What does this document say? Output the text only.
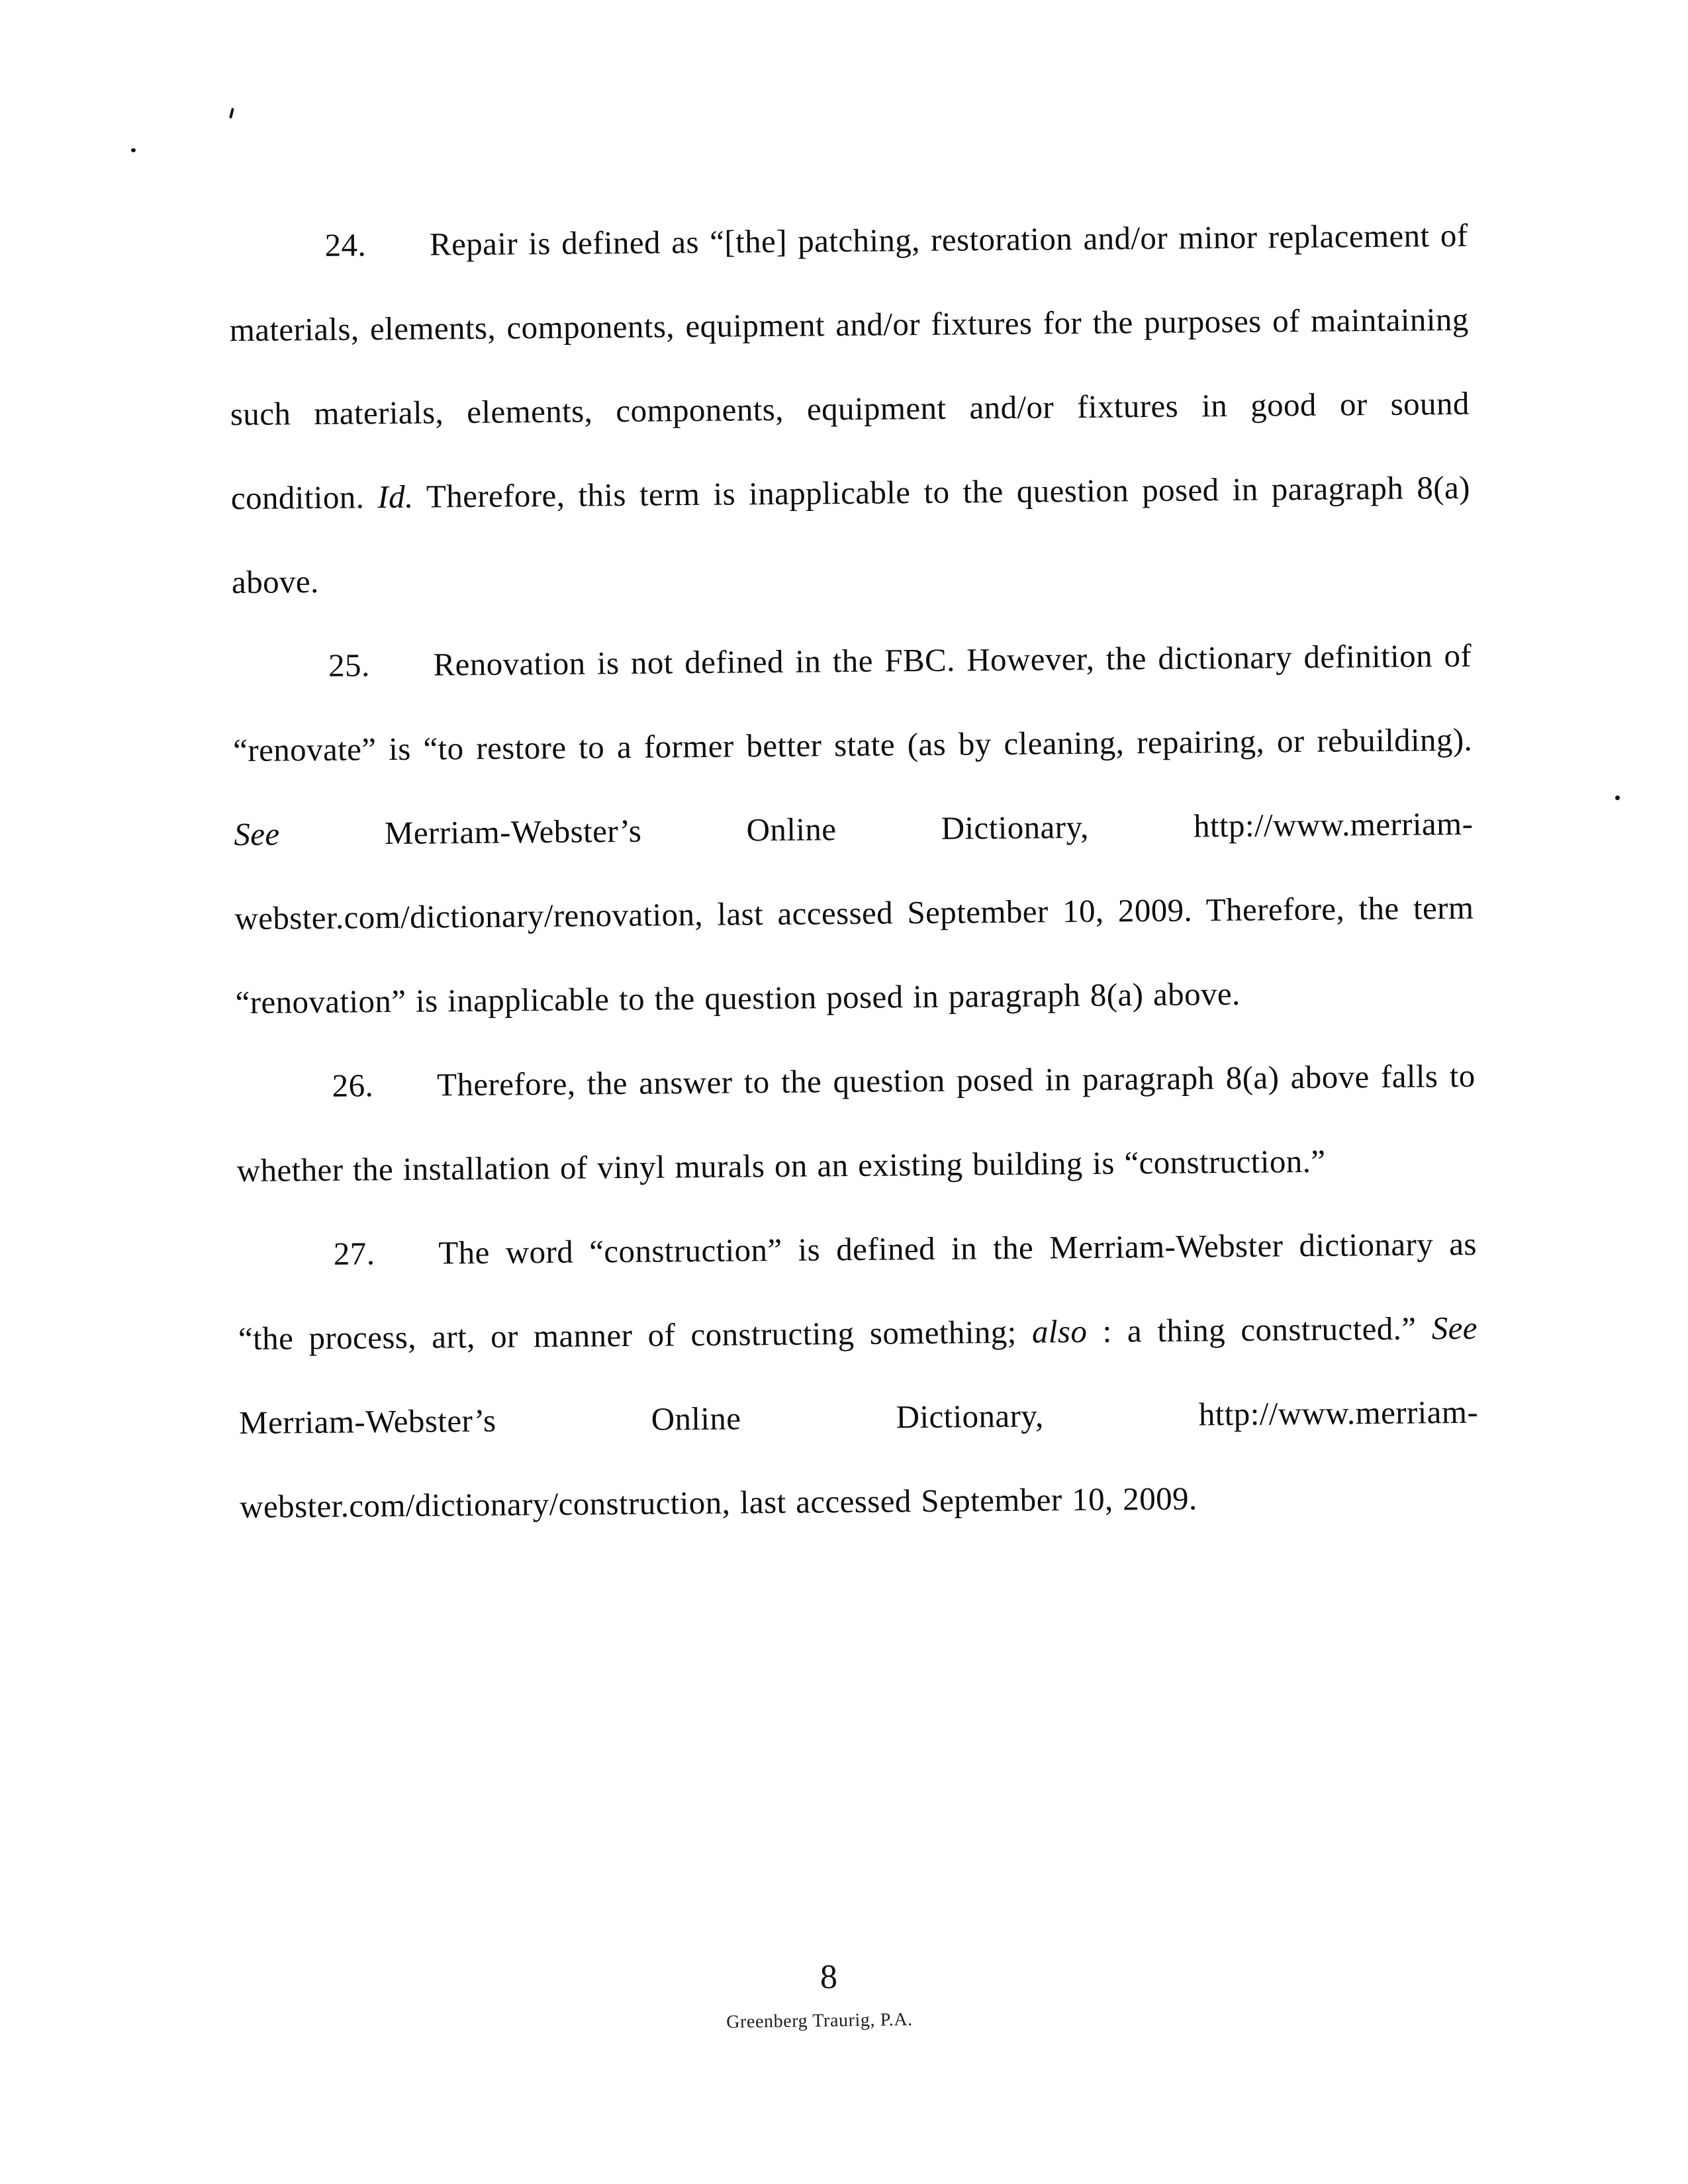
24. Repair is defined as “[the] patching, restoration and/or minor replacement of materials, elements, components, equipment and/or fixtures for the purposes of maintaining such materials, elements, components, equipment and/or fixtures in good or sound condition. Id. Therefore, this term is inapplicable to the question posed in paragraph 8(a) above.

25. Renovation is not defined in the FBC. However, the dictionary definition of “renovate” is “to restore to a former better state (as by cleaning, repairing, or rebuilding). See Merriam-Webster’s Online Dictionary, http://www.merriam-webster.com/dictionary/renovation, last accessed September 10, 2009. Therefore, the term “renovation” is inapplicable to the question posed in paragraph 8(a) above.

26. Therefore, the answer to the question posed in paragraph 8(a) above falls to whether the installation of vinyl murals on an existing building is “construction.”

27. The word “construction” is defined in the Merriam-Webster dictionary as “the process, art, or manner of constructing something; also : a thing constructed.” See Merriam-Webster’s Online Dictionary, http://www.merriam-webster.com/dictionary/construction, last accessed September 10, 2009.

8
Greenberg Traurig, P.A.
